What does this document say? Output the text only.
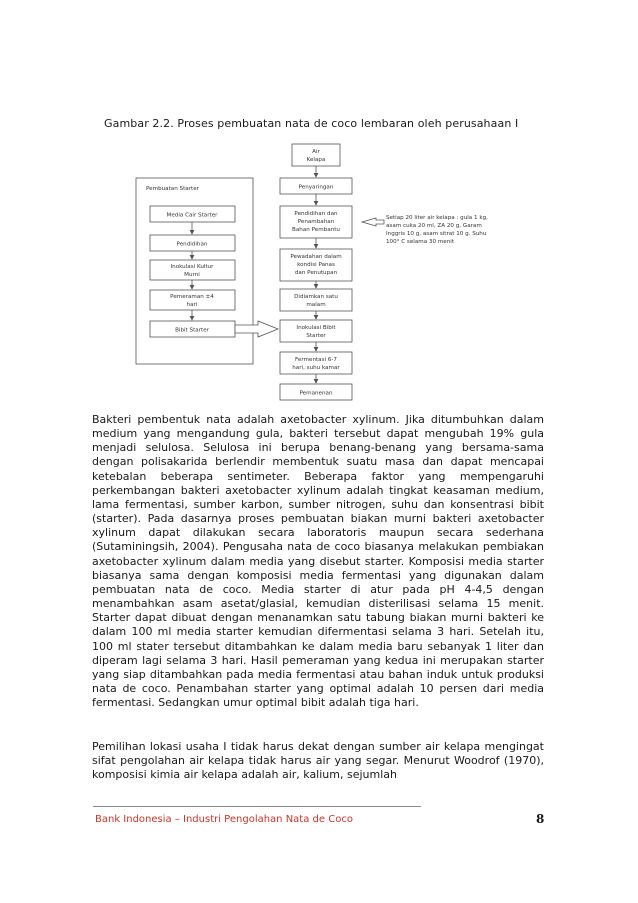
Gambar 2.2. Proses pembuatan nata de coco lembaran oleh perusahaan I
Pembuatan Starter
Media Cair Starter
Pendidihan
Inokulasi Kultur
Murni
Pemeraman ±4
hari
Bibit Starter
Air
Kelapa
Penyaringan
Pendidihan dan
Penambahan
Bahan Pembantu
Pewadahan dalam
kondisi Panas
dan Penutupan
Didiamkan satu
malam
Inokulasi Bibit
Starter
Fermentasi 6-7
hari, suhu kamar
Pemanenan
Setiap 20 liter air kelapa : gula 1 kg,
asam cuka 20 ml, ZA 20 g, Garam
Inggris 10 g, asam sitrat 10 g. Suhu
100° C selama 30 menit

Bakteri pembentuk nata adalah axetobacter xylinum. Jika ditumbuhkan dalam medium yang mengandung gula, bakteri tersebut dapat mengubah 19% gula menjadi selulosa. Selulosa ini berupa benang-benang yang bersama-sama dengan polisakarida berlendir membentuk suatu masa dan dapat mencapai ketebalan beberapa sentimeter. Beberapa faktor yang mempengaruhi perkembangan bakteri axetobacter xylinum adalah tingkat keasaman medium, lama fermentasi, sumber karbon, sumber nitrogen, suhu dan konsentrasi bibit (starter). Pada dasarnya proses pembuatan biakan murni bakteri axetobacter xylinum dapat dilakukan secara laboratoris maupun secara sederhana (Sutaminingsih, 2004). Pengusaha nata de coco biasanya melakukan pembiakan axetobacter xylinum dalam media yang disebut starter. Komposisi media starter biasanya sama dengan komposisi media fermentasi yang digunakan dalam pembuatan nata de coco. Media starter di atur pada pH 4-4,5 dengan menambahkan asam asetat/glasial, kemudian disterilisasi selama 15 menit. Starter dapat dibuat dengan menanamkan satu tabung biakan murni bakteri ke dalam 100 ml media starter kemudian difermentasi selama 3 hari. Setelah itu, 100 ml stater tersebut ditambahkan ke dalam media baru sebanyak 1 liter dan diperam lagi selama 3 hari. Hasil pemeraman yang kedua ini merupakan starter yang siap ditambahkan pada media fermentasi atau bahan induk untuk produksi nata de coco. Penambahan starter yang optimal adalah 10 persen dari media fermentasi. Sedangkan umur optimal bibit adalah tiga hari.

Pemilihan lokasi usaha I tidak harus dekat dengan sumber air kelapa mengingat sifat pengolahan air kelapa tidak harus air yang segar. Menurut Woodrof (1970), komposisi kimia air kelapa adalah air, kalium, sejumlah

Bank Indonesia – Industri Pengolahan Nata de Coco	8
